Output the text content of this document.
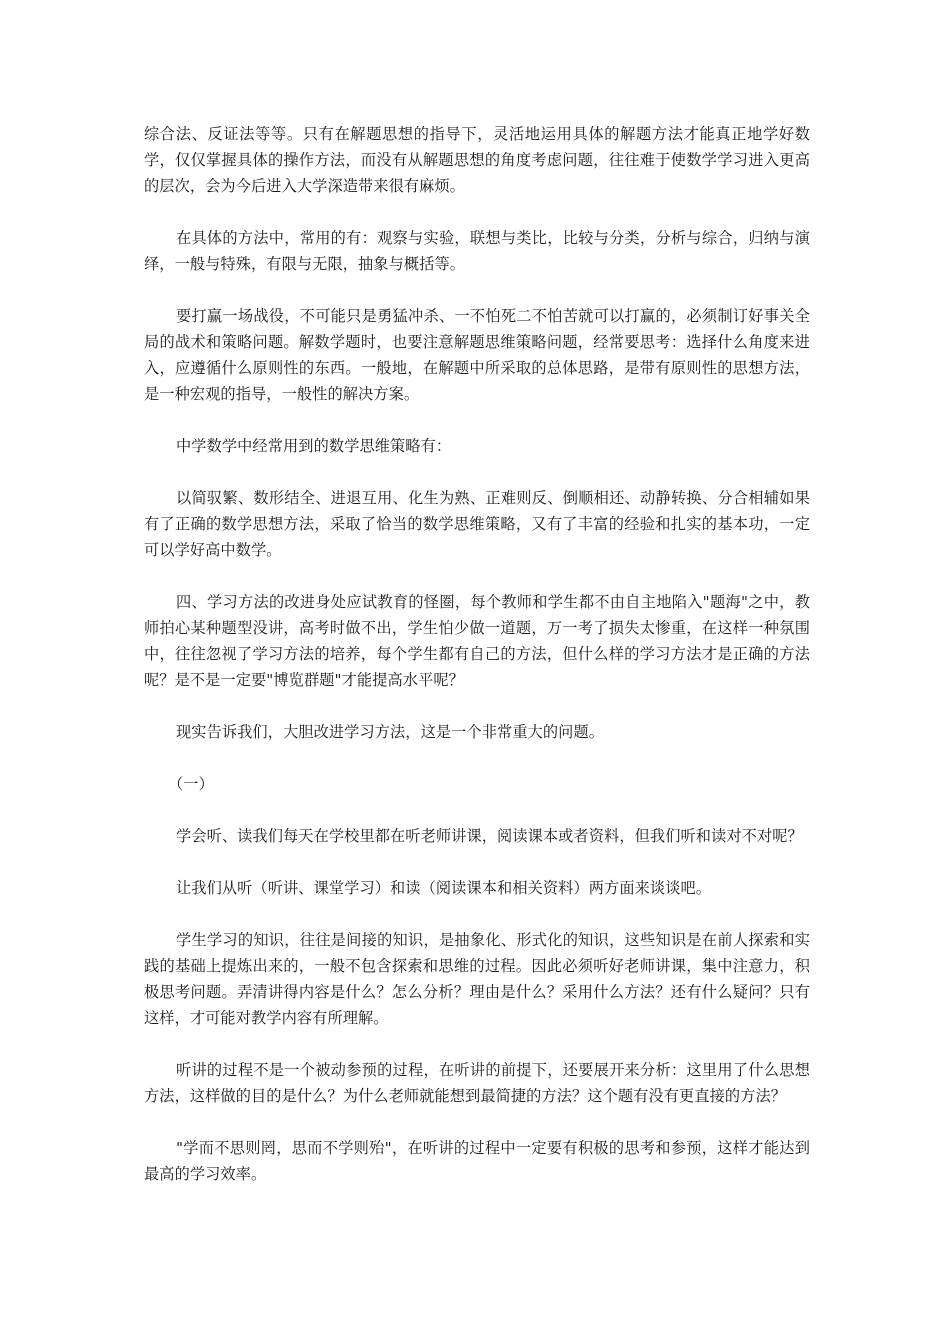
综合法、反证法等等。只有在解题思想的指导下，灵活地运用具体的解题方法才能真正地学好数学，仅仅掌握具体的操作方法，而没有从解题思想的角度考虑问题，往往难于使数学学习进入更高的层次，会为今后进入大学深造带来很有麻烦。

在具体的方法中，常用的有：观察与实验，联想与类比，比较与分类，分析与综合，归纳与演绎，一般与特殊，有限与无限，抽象与概括等。

要打赢一场战役，不可能只是勇猛冲杀、一不怕死二不怕苦就可以打赢的，必须制订好事关全局的战术和策略问题。解数学题时，也要注意解题思维策略问题，经常要思考：选择什么角度来进入，应遵循什么原则性的东西。一般地，在解题中所采取的总体思路，是带有原则性的思想方法，是一种宏观的指导，一般性的解决方案。

中学数学中经常用到的数学思维策略有：

以简驭繁、数形结全、进退互用、化生为熟、正难则反、倒顺相还、动静转换、分合相辅如果有了正确的数学思想方法，采取了恰当的数学思维策略，又有了丰富的经验和扎实的基本功，一定可以学好高中数学。

四、学习方法的改进身处应试教育的怪圈，每个教师和学生都不由自主地陷入"题海"之中，教师拍心某种题型没讲，高考时做不出，学生怕少做一道题，万一考了损失太惨重，在这样一种氛围中，往往忽视了学习方法的培养，每个学生都有自己的方法，但什么样的学习方法才是正确的方法呢？是不是一定要"博览群题"才能提高水平呢？

现实告诉我们，大胆改进学习方法，这是一个非常重大的问题。

（一）

学会听、读我们每天在学校里都在听老师讲课，阅读课本或者资料，但我们听和读对不对呢？

让我们从听（听讲、课堂学习）和读（阅读课本和相关资料）两方面来谈谈吧。

学生学习的知识，往往是间接的知识，是抽象化、形式化的知识，这些知识是在前人探索和实践的基础上提炼出来的，一般不包含探索和思维的过程。因此必须听好老师讲课，集中注意力，积极思考问题。弄清讲得内容是什么？怎么分析？理由是什么？采用什么方法？还有什么疑问？只有这样，才可能对教学内容有所理解。

听讲的过程不是一个被动参预的过程，在听讲的前提下，还要展开来分析：这里用了什么思想方法，这样做的目的是什么？为什么老师就能想到最简捷的方法？这个题有没有更直接的方法？

"学而不思则罔，思而不学则殆"，在听讲的过程中一定要有积极的思考和参预，这样才能达到最高的学习效率。
